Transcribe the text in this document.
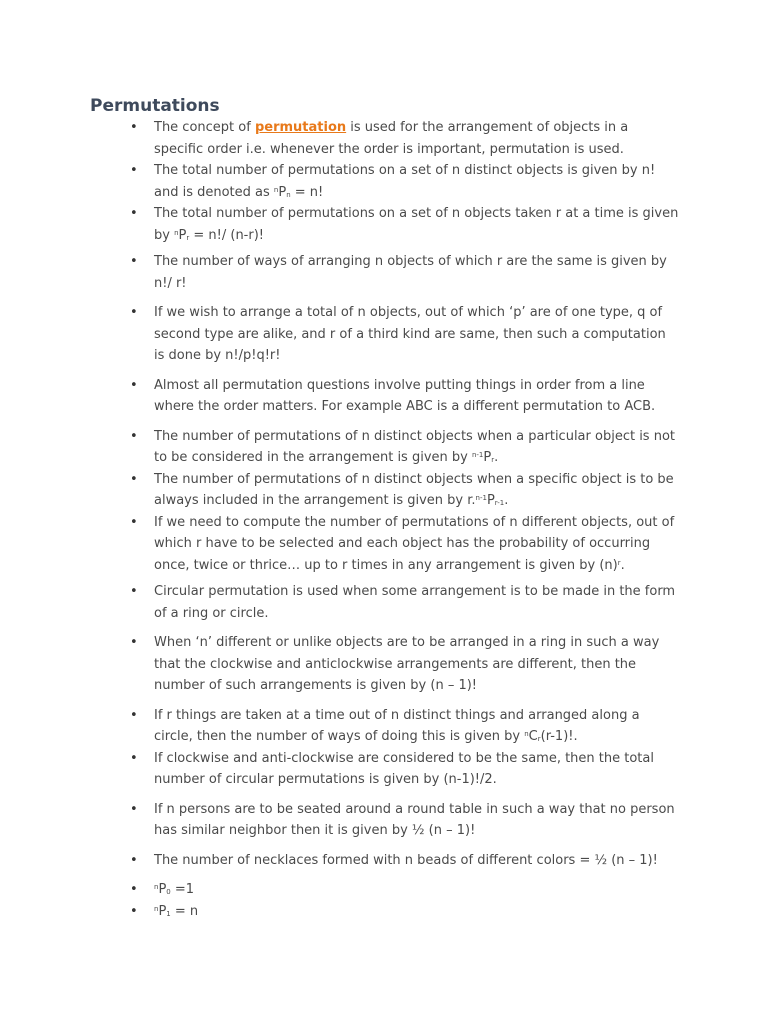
Permutations
• The concept of permutation is used for the arrangement of objects in a specific order i.e. whenever the order is important, permutation is used.
• The total number of permutations on a set of n distinct objects is given by n! and is denoted as $^nP_n = n$!
• The total number of permutations on a set of n objects taken r at a time is given by $^nP_r = n!/$ (n-r)!
• The number of ways of arranging n objects of which r are the same is given by n!/ r!
• If we wish to arrange a total of n objects, out of which ‘p’ are of one type, q of second type are alike, and r of a third kind are same, then such a computation is done by n!/p!q!r!
• Almost all permutation questions involve putting things in order from a line where the order matters. For example ABC is a different permutation to ACB.
• The number of permutations of n distinct objects when a particular object is not to be considered in the arrangement is given by $^{n-1}P_r$.
• The number of permutations of n distinct objects when a specific object is to be always included in the arrangement is given by $r.^{n-1}P_{r-1}$.
• If we need to compute the number of permutations of n different objects, out of which r have to be selected and each object has the probability of occurring once, twice or thrice… up to r times in any arrangement is given by $(n)^r$.
• Circular permutation is used when some arrangement is to be made in the form of a ring or circle.
• When ‘n’ different or unlike objects are to be arranged in a ring in such a way that the clockwise and anticlockwise arrangements are different, then the number of such arrangements is given by (n – 1)!
• If r things are taken at a time out of n distinct things and arranged along a circle, then the number of ways of doing this is given by $^nC_r(r-1)$!.
• If clockwise and anti-clockwise are considered to be the same, then the total number of circular permutations is given by (n-1)!/2.
• If n persons are to be seated around a round table in such a way that no person has similar neighbor then it is given by ½ (n – 1)!
• The number of necklaces formed with n beads of different colors = ½ (n – 1)!
•	$^nP_0 =1$
•	$^nP_1 = n$
